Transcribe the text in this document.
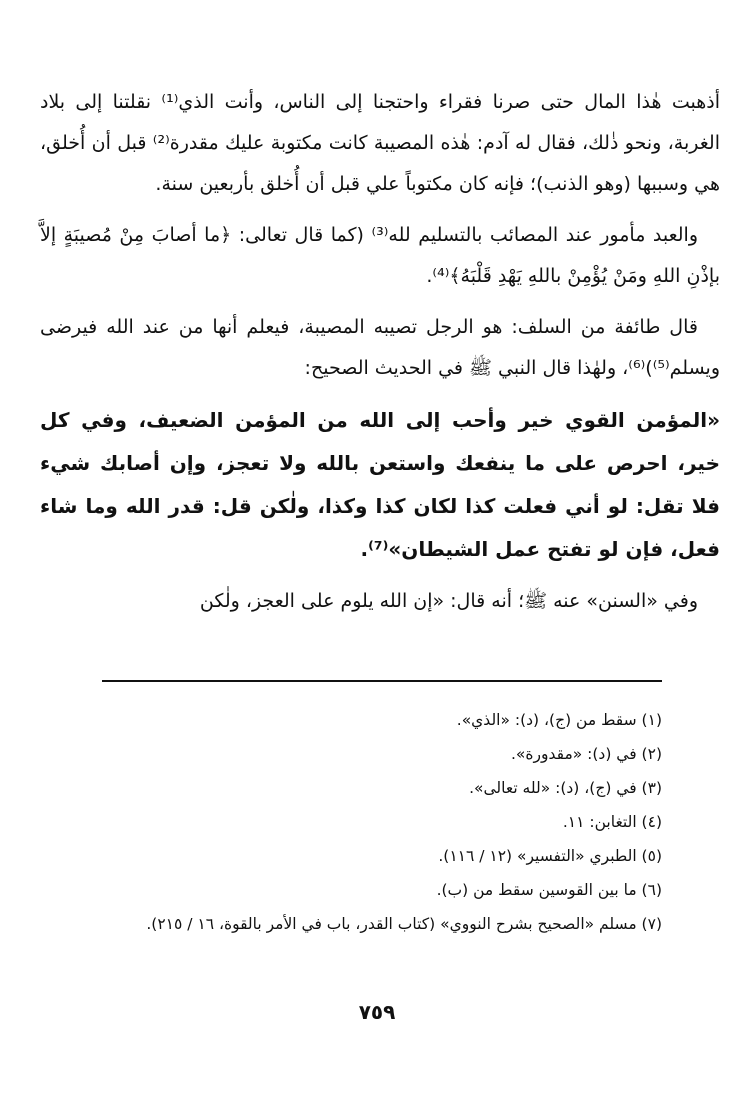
أذهبت هٰذا المال حتى صرنا فقراء واحتجنا إلى الناس، وأنت الذي⁽¹⁾ نقلتنا إلى بلاد الغربة، ونحو ذٰلك، فقال له آدم: هٰذه المصيبة كانت مكتوبة عليك مقدرة⁽²⁾ قبل أن أُخلق، هي وسببها (وهو الذنب)؛ فإنه كان مكتوباً علي قبل أن أُخلق بأربعين سنة.

والعبد مأمور عند المصائب بالتسليم لله⁽³⁾ (كما قال تعالى: ﴿ما أصابَ مِنْ مُصيبَةٍ إلاَّ بإذْنِ اللهِ ومَنْ يُؤْمِنْ باللهِ يَهْدِ قَلْبَهُ﴾⁽⁴⁾.

قال طائفة من السلف: هو الرجل تصيبه المصيبة، فيعلم أنها من عند الله فيرضى ويسلم⁽⁵⁾)⁽⁶⁾، ولهٰذا قال النبي ﷺ في الحديث الصحيح:

«المؤمن القوي خير وأحب إلى الله من المؤمن الضعيف، وفي كل خير، احرص على ما ينفعك واستعن بالله ولا تعجز، وإن أصابك شيء فلا تقل: لو أني فعلت كذا لكان كذا وكذا، ولٰكن قل: قدر الله وما شاء فعل، فإن لو تفتح عمل الشيطان»⁽⁷⁾.

وفي «السنن» عنه ﷺ؛ أنه قال: «إن الله يلوم على العجز، ولٰكن

(١) سقط من (ج)، (د): «الذي».
(٢) في (د): «مقدورة».
(٣) في (ج)، (د): «لله تعالى».
(٤) التغابن: ١١.
(٥) الطبري «التفسير» (١٢ / ١١٦).
(٦) ما بين القوسين سقط من (ب).
(٧) مسلم «الصحيح بشرح النووي» (كتاب القدر، باب في الأمر بالقوة، ١٦ / ٢١٥).
٧٥٩
